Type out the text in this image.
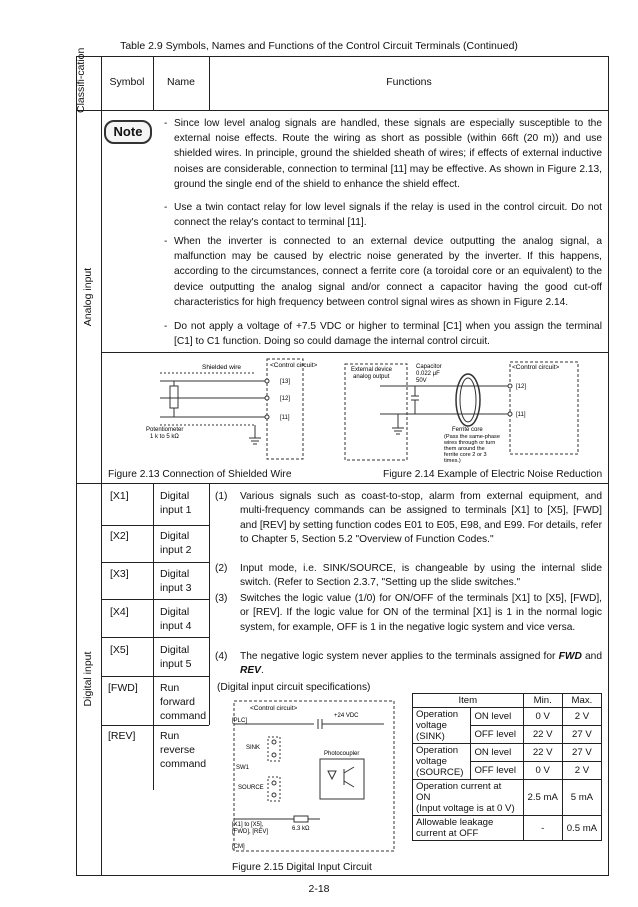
Table 2.9 Symbols, Names and Functions of the Control Circuit Terminals (Continued)
Classifi-cation	Symbol	Name	Functions
Analog input
Note
- Since low level analog signals are handled, these signals are especially susceptible to the external noise effects. Route the wiring as short as possible (within 66ft (20 m)) and use shielded wires. In principle, ground the shielded sheath of wires; if effects of external inductive noises are considerable, connection to terminal [11] may be effective. As shown in Figure 2.13, ground the single end of the shield to enhance the shield effect.
- Use a twin contact relay for low level signals if the relay is used in the control circuit. Do not connect the relay's contact to terminal [11].
- When the inverter is connected to an external device outputting the analog signal, a malfunction may be caused by electric noise generated by the inverter. If this happens, according to the circumstances, connect a ferrite core (a toroidal core or an equivalent) to the device outputting the analog signal and/or connect a capacitor having the good cut-off characteristics for high frequency between control signal wires as shown in Figure 2.14.
- Do not apply a voltage of +7.5 VDC or higher to terminal [C1] when you assign the terminal [C1] to C1 function. Doing so could damage the internal control circuit.
<Control circuit>
Shielded wire
Potentiometer
1 k to 5 kΩ
[13]
[12]
[11]
External device
analog output
Capacitor
0.022 μF
50V
<Control circuit>
[12]
[11]
Ferrite core
(Pass the same-phase
wires through or turn
them around the
ferrite core 2 or 3
times.)
Figure 2.13 Connection of Shielded Wire	Figure 2.14 Example of Electric Noise Reduction
Digital input
[X1]	Digital
input 1
[X2]	Digital
input 2
[X3]	Digital
input 3
[X4]	Digital
input 4
[X5]	Digital
input 5
[FWD] Run
forward
command
[REV] Run
reverse
command
(1) Various signals such as coast-to-stop, alarm from external equipment, and multi-frequency commands can be assigned to terminals [X1] to [X5], [FWD] and [REV] by setting function codes E01 to E05, E98, and E99. For details, refer to Chapter 5, Section 5.2 "Overview of Function Codes."
(2) Input mode, i.e. SINK/SOURCE, is changeable by using the internal slide switch. (Refer to Section 2.3.7, "Setting up the slide switches."
(3) Switches the logic value (1/0) for ON/OFF of the terminals [X1] to [X5], [FWD], or [REV]. If the logic value for ON of the terminal [X1] is 1 in the normal logic system, for example, OFF is 1 in the negative logic system and vice versa.
(4) The negative logic system never applies to the terminals assigned for FWD and REV.
(Digital input circuit specifications)
<Control circuit>
[PLC]
+24 VDC
SINK
SW1
SOURCE
Photocoupler
[X1] to [X5],
[FWD], [REV]	6.3 kΩ
[CM]
Figure 2.15 Digital Input Circuit
Item		Min.	Max.
Operation
voltage
(SINK)	ON level	0 V	2 V
	OFF level	22 V	27 V
Operation
voltage
(SOURCE)	ON level	22 V	27 V
	OFF level	0 V	2 V
Operation current at
ON
(Input voltage is at 0 V)		2.5 mA	5 mA
Allowable leakage
current at OFF		-	0.5 mA
2-18
